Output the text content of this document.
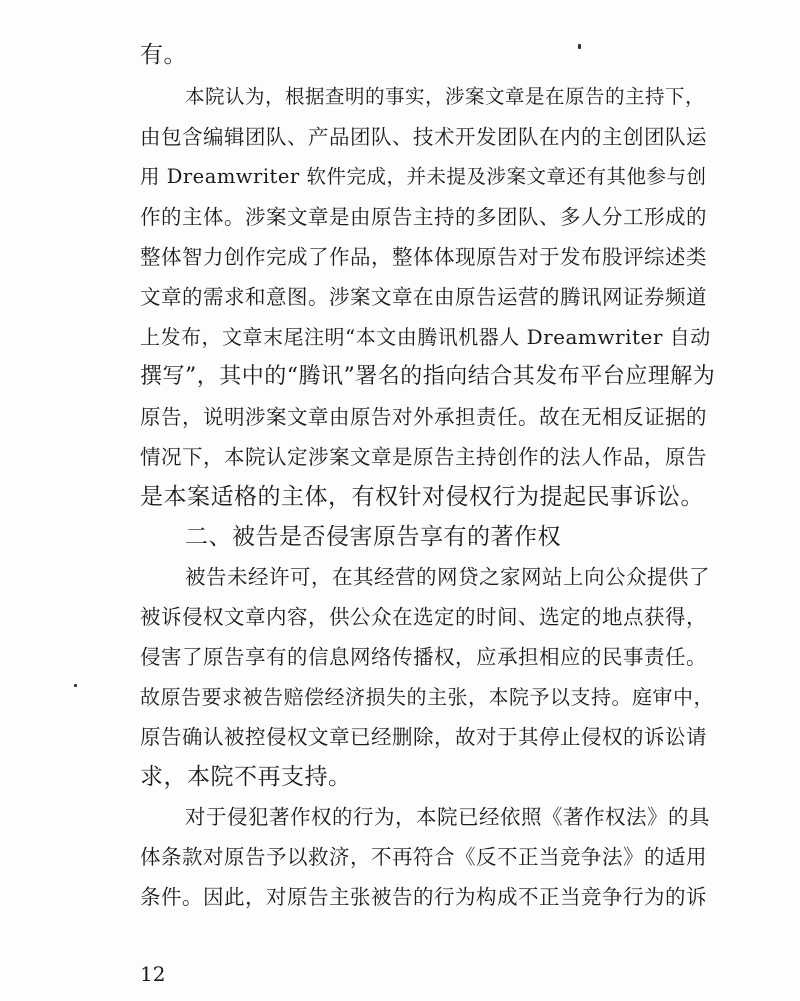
有。
本院认为，根据查明的事实，涉案文章是在原告的主持下，
由包含编辑团队、产品团队、技术开发团队在内的主创团队运
用 Dreamwriter 软件完成，并未提及涉案文章还有其他参与创
作的主体。涉案文章是由原告主持的多团队、多人分工形成的
整体智力创作完成了作品，整体体现原告对于发布股评综述类
文章的需求和意图。涉案文章在由原告运营的腾讯网证券频道
上发布，文章末尾注明“本文由腾讯机器人 Dreamwriter 自动
撰写”，其中的“腾讯”署名的指向结合其发布平台应理解为
原告，说明涉案文章由原告对外承担责任。故在无相反证据的
情况下，本院认定涉案文章是原告主持创作的法人作品，原告
是本案适格的主体，有权针对侵权行为提起民事诉讼。
二、被告是否侵害原告享有的著作权
被告未经许可，在其经营的网贷之家网站上向公众提供了
被诉侵权文章内容，供公众在选定的时间、选定的地点获得，
侵害了原告享有的信息网络传播权，应承担相应的民事责任。
故原告要求被告赔偿经济损失的主张，本院予以支持。庭审中，
原告确认被控侵权文章已经删除，故对于其停止侵权的诉讼请
求，本院不再支持。
对于侵犯著作权的行为，本院已经依照《著作权法》的具
体条款对原告予以救济，不再符合《反不正当竞争法》的适用
条件。因此，对原告主张被告的行为构成不正当竞争行为的诉
12
